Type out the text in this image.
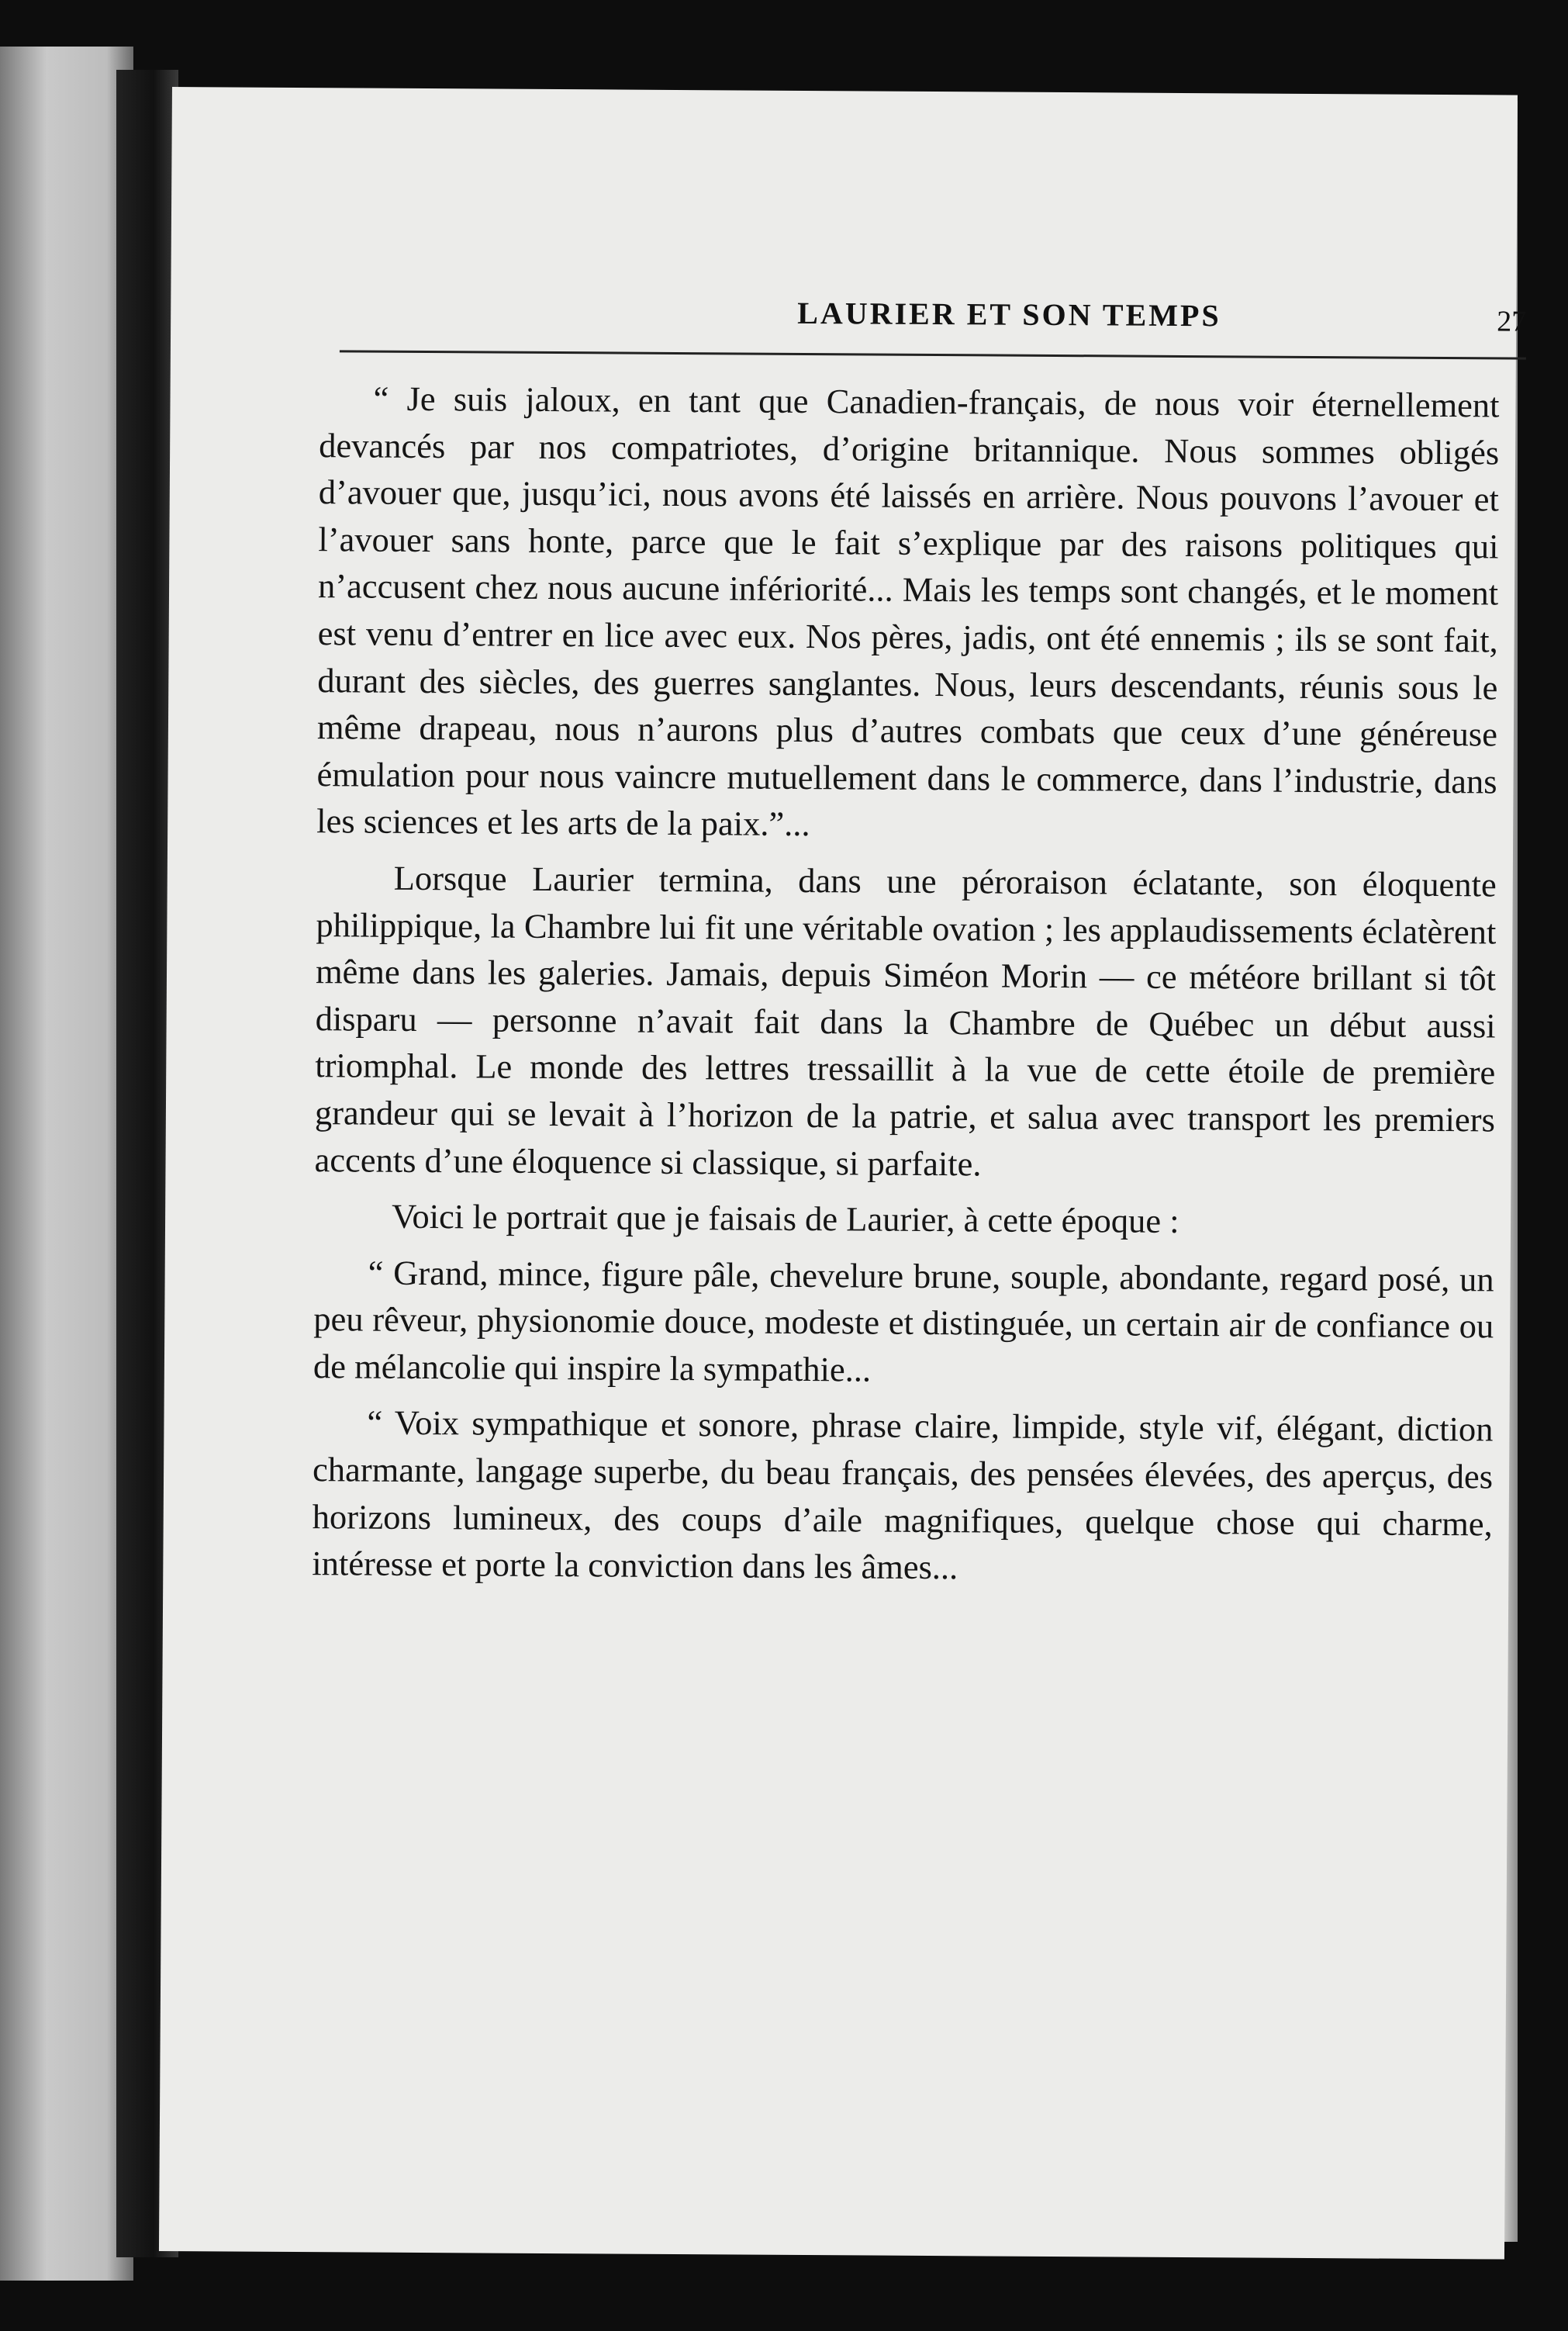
LAURIER ET SON TEMPS	27

“ Je suis jaloux, en tant que Canadien-français, de nous voir éternellement devancés par nos compatriotes, d’origine britannique. Nous sommes obligés d’avouer que, jusqu’ici, nous avons été laissés en arrière. Nous pouvons l’avouer et l’avouer sans honte, parce que le fait s’explique par des raisons politiques qui n’accusent chez nous aucune infériorité... Mais les temps sont changés, et le moment est venu d’entrer en lice avec eux. Nos pères, jadis, ont été ennemis ; ils se sont fait, durant des siècles, des guerres sanglantes. Nous, leurs descendants, réunis sous le même drapeau, nous n’aurons plus d’autres combats que ceux d’une généreuse émulation pour nous vaincre mutuellement dans le commerce, dans l’industrie, dans les sciences et les arts de la paix.”...

Lorsque Laurier termina, dans une péroraison éclatante, son éloquente philippique, la Chambre lui fit une véritable ovation ; les applaudissements éclatèrent même dans les galeries. Jamais, depuis Siméon Morin — ce météore brillant si tôt disparu — personne n’avait fait dans la Chambre de Québec un début aussi triomphal. Le monde des lettres tressaillit à la vue de cette étoile de première grandeur qui se levait à l’horizon de la patrie, et salua avec transport les premiers accents d’une éloquence si classique, si parfaite.

Voici le portrait que je faisais de Laurier, à cette époque :

“ Grand, mince, figure pâle, chevelure brune, souple, abondante, regard posé, un peu rêveur, physionomie douce, modeste et distinguée, un certain air de confiance ou de mélancolie qui inspire la sympathie...

“ Voix sympathique et sonore, phrase claire, limpide, style vif, élégant, diction charmante, langage superbe, du beau français, des pensées élevées, des aperçus, des horizons lumineux, des coups d’aile magnifiques, quelque chose qui charme, intéresse et porte la conviction dans les âmes...
